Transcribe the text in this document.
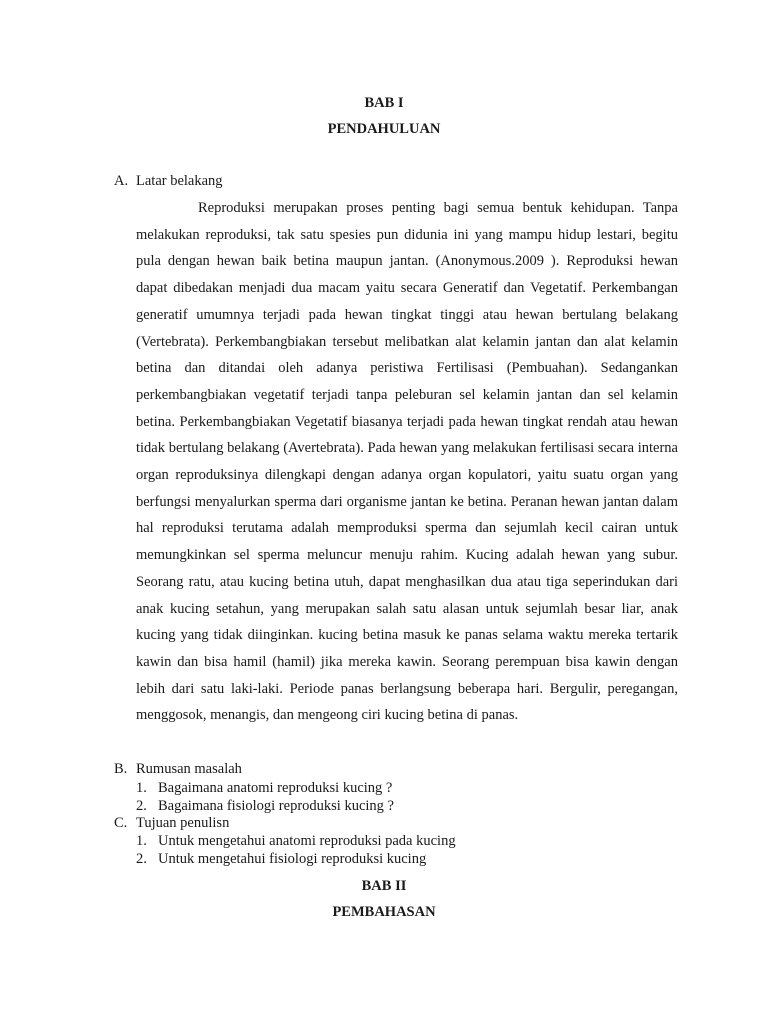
BAB I
PENDAHULUAN
A. Latar belakang

Reproduksi merupakan proses penting bagi semua bentuk kehidupan. Tanpa melakukan reproduksi, tak satu spesies pun didunia ini yang mampu hidup lestari, begitu pula dengan hewan baik betina maupun jantan. (Anonymous.2009 ). Reproduksi hewan dapat dibedakan menjadi dua macam yaitu secara Generatif dan Vegetatif. Perkembangan generatif umumnya terjadi pada hewan tingkat tinggi atau hewan bertulang belakang (Vertebrata). Perkembangbiakan tersebut melibatkan alat kelamin jantan dan alat kelamin betina dan ditandai oleh adanya peristiwa Fertilisasi (Pembuahan). Sedangankan perkembangbiakan vegetatif terjadi tanpa peleburan sel kelamin jantan dan sel kelamin betina. Perkembangbiakan Vegetatif biasanya terjadi pada hewan tingkat rendah atau hewan tidak bertulang belakang (Avertebrata). Pada hewan yang melakukan fertilisasi secara interna organ reproduksinya dilengkapi dengan adanya organ kopulatori, yaitu suatu organ yang berfungsi menyalurkan sperma dari organisme jantan ke betina. Peranan hewan jantan dalam hal reproduksi terutama adalah memproduksi sperma dan sejumlah kecil cairan untuk memungkinkan sel sperma meluncur menuju rahim. Kucing adalah hewan yang subur. Seorang ratu, atau kucing betina utuh, dapat menghasilkan dua atau tiga seperindukan dari anak kucing setahun, yang merupakan salah satu alasan untuk sejumlah besar liar, anak kucing yang tidak diinginkan. kucing betina masuk ke panas selama waktu mereka tertarik kawin dan bisa hamil (hamil) jika mereka kawin. Seorang perempuan bisa kawin dengan lebih dari satu laki-laki. Periode panas berlangsung beberapa hari. Bergulir, peregangan, menggosok, menangis, dan mengeong ciri kucing betina di panas.

B. Rumusan masalah
1. Bagaimana anatomi reproduksi kucing ?
2. Bagaimana fisiologi reproduksi kucing ?
C. Tujuan penulisn
1. Untuk mengetahui anatomi reproduksi pada kucing
2. Untuk mengetahui fisiologi reproduksi kucing
BAB II
PEMBAHASAN
